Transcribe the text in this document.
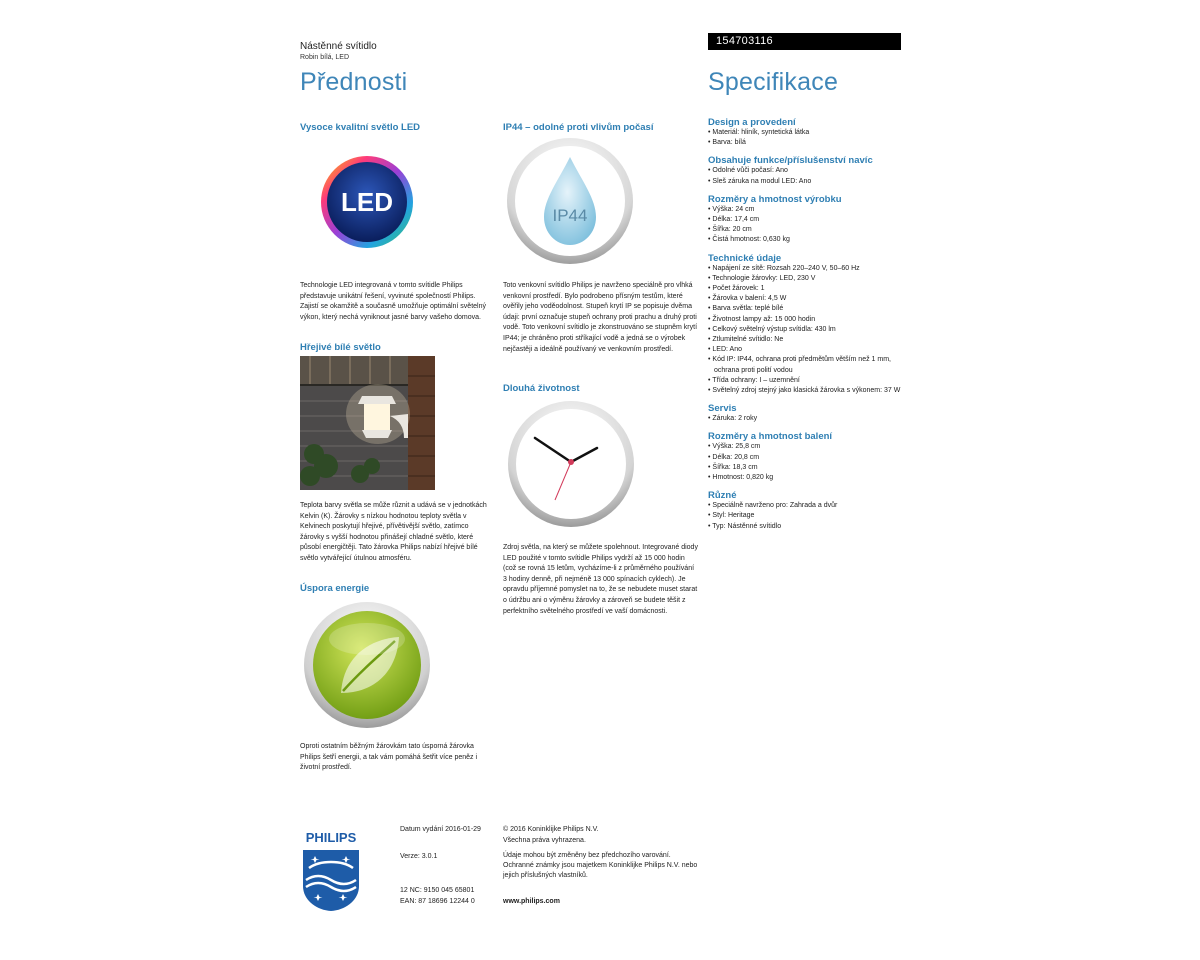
Nástěnné svítidlo
Robin bílá, LED
154703116
Přednosti	Specifikace
Vysoce kvalitní světlo LED
LED
Technologie LED integrovaná v tomto svítidle Philips představuje unikátní řešení, vyvinuté společností Philips. Zajistí se okamžitě a současně umožňuje optimální světelný výkon, který nechá vyniknout jasné barvy vašeho domova.
Hřejivé bílé světlo
Teplota barvy světla se může různit a udává se v jednotkách Kelvin (K). Žárovky s nízkou hodnotou teploty světla v Kelvinech poskytují hřejivé, přívětivější světlo, zatímco žárovky s vyšší hodnotou přinášejí chladné světlo, které působí energičtěji. Tato žárovka Philips nabízí hřejivé bílé světlo vytvářející útulnou atmosféru.
Úspora energie
Oproti ostatním běžným žárovkám tato úsporná žárovka Philips šetří energii, a tak vám pomáhá šetřit více peněz i životní prostředí.
IP44 – odolné proti vlivům počasí
IP44
Toto venkovní svítidlo Philips je navrženo speciálně pro vlhká venkovní prostředí. Bylo podrobeno přísným testům, které ověřily jeho voděodolnost. Stupeň krytí IP se popisuje dvěma údaji: první označuje stupeň ochrany proti prachu a druhý proti vodě. Toto venkovní svítidlo je zkonstruováno se stupněm krytí IP44; je chráněno proti stříkající vodě a jedná se o výrobek nejčastěji a ideálně používaný ve venkovním prostředí.
Dlouhá životnost
Zdroj světla, na který se můžete spolehnout. Integrované diody LED použité v tomto svítidle Philips vydrží až 15 000 hodin (což se rovná 15 letům, vycházíme-li z průměrného používání 3 hodiny denně, při nejméně 13 000 spínacích cyklech). Je opravdu příjemné pomyslet na to, že se nebudete muset starat o údržbu ani o výměnu žárovky a zároveň se budete těšit z perfektního světelného prostředí ve vaší domácnosti.
Design a provedení
• Materiál: hliník, syntetická látka
• Barva: bílá
Obsahuje funkce/příslušenství navíc
• Odolné vůči počasí: Ano
• Sleš záruka na modul LED: Ano
Rozměry a hmotnost výrobku
• Výška: 24 cm
• Délka: 17,4 cm
• Šířka: 20 cm
• Čistá hmotnost: 0,630 kg
Technické údaje
• Napájení ze sítě: Rozsah 220–240 V, 50–60 Hz
• Technologie žárovky: LED, 230 V
• Počet žárovek: 1
• Žárovka v balení: 4,5 W
• Barva světla: teplé bílé
• Životnost lampy až: 15 000 hodin
• Celkový světelný výstup svítidla: 430 lm
• Ztlumitelné svítidlo: Ne
• LED: Ano
• Kód IP: IP44, ochrana proti předmětům větším než 1 mm, ochrana proti polití vodou
• Třída ochrany: I – uzemnění
• Světelný zdroj stejný jako klasická žárovka s výkonem: 37 W
Servis
• Záruka: 2 roky
Rozměry a hmotnost balení
• Výška: 25,8 cm
• Délka: 20,8 cm
• Šířka: 18,3 cm
• Hmotnost: 0,820 kg
Různé
• Speciálně navrženo pro: Zahrada a dvůr
• Styl: Heritage
• Typ: Nástěnné svítidlo
PHILIPS
Datum vydání 2016-01-29
Verze: 3.0.1
12 NC: 9150 045 65801
EAN: 87 18696 12244 0
© 2016 Koninklijke Philips N.V.
Všechna práva vyhrazena.
Údaje mohou být změněny bez předchozího varování. Ochranné známky jsou majetkem Koninklijke Philips N.V. nebo jejich příslušných vlastníků.
www.philips.com
